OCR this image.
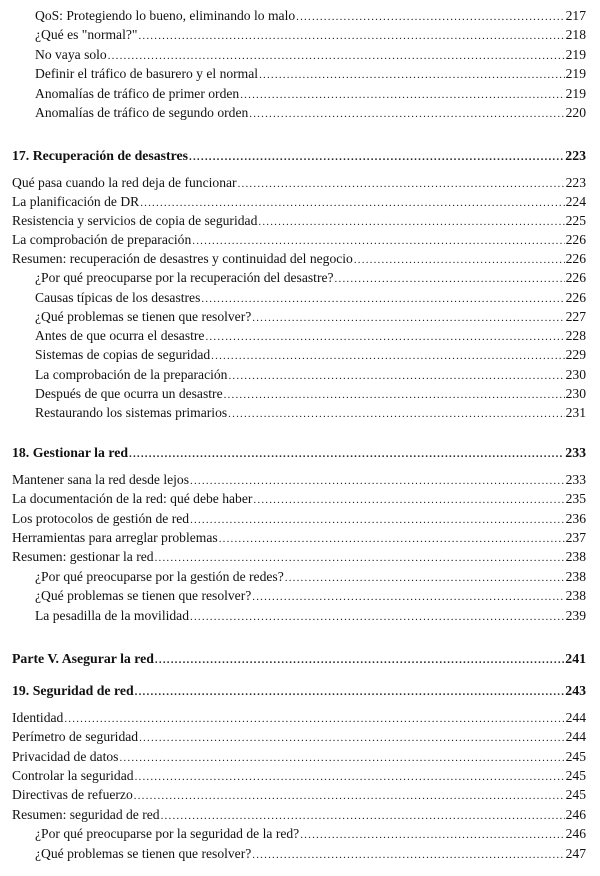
QoS: Protegiendo lo bueno, eliminando lo malo .....	217
¿Qué es "normal?" .....	218
No vaya solo .....	219
Definir el tráfico de basurero y el normal .....	219
Anomalías de tráfico de primer orden .....	219
Anomalías de tráfico de segundo orden .....	220
17. Recuperación de desastres .....	223
Qué pasa cuando la red deja de funcionar .....	223
La planificación de DR .....	224
Resistencia y servicios de copia de seguridad .....	225
La comprobación de preparación .....	226
Resumen: recuperación de desastres y continuidad del negocio .....	226
¿Por qué preocuparse por la recuperación del desastre? .....	226
Causas típicas de los desastres .....	226
¿Qué problemas se tienen que resolver? .....	227
Antes de que ocurra el desastre .....	228
Sistemas de copias de seguridad .....	229
La comprobación de la preparación .....	230
Después de que ocurra un desastre .....	230
Restaurando los sistemas primarios .....	231
18. Gestionar la red .....	233
Mantener sana la red desde lejos .....	233
La documentación de la red: qué debe haber .....	235
Los protocolos de gestión de red .....	236
Herramientas para arreglar problemas .....	237
Resumen: gestionar la red .....	238
¿Por qué preocuparse por la gestión de redes? .....	238
¿Qué problemas se tienen que resolver? .....	238
La pesadilla de la movilidad .....	239
Parte V. Asegurar la red .....	241
19. Seguridad de red .....	243
Identidad .....	244
Perímetro de seguridad .....	244
Privacidad de datos .....	245
Controlar la seguridad .....	245
Directivas de refuerzo .....	245
Resumen: seguridad de red .....	246
¿Por qué preocuparse por la seguridad de la red? .....	246
¿Qué problemas se tienen que resolver? .....	247
